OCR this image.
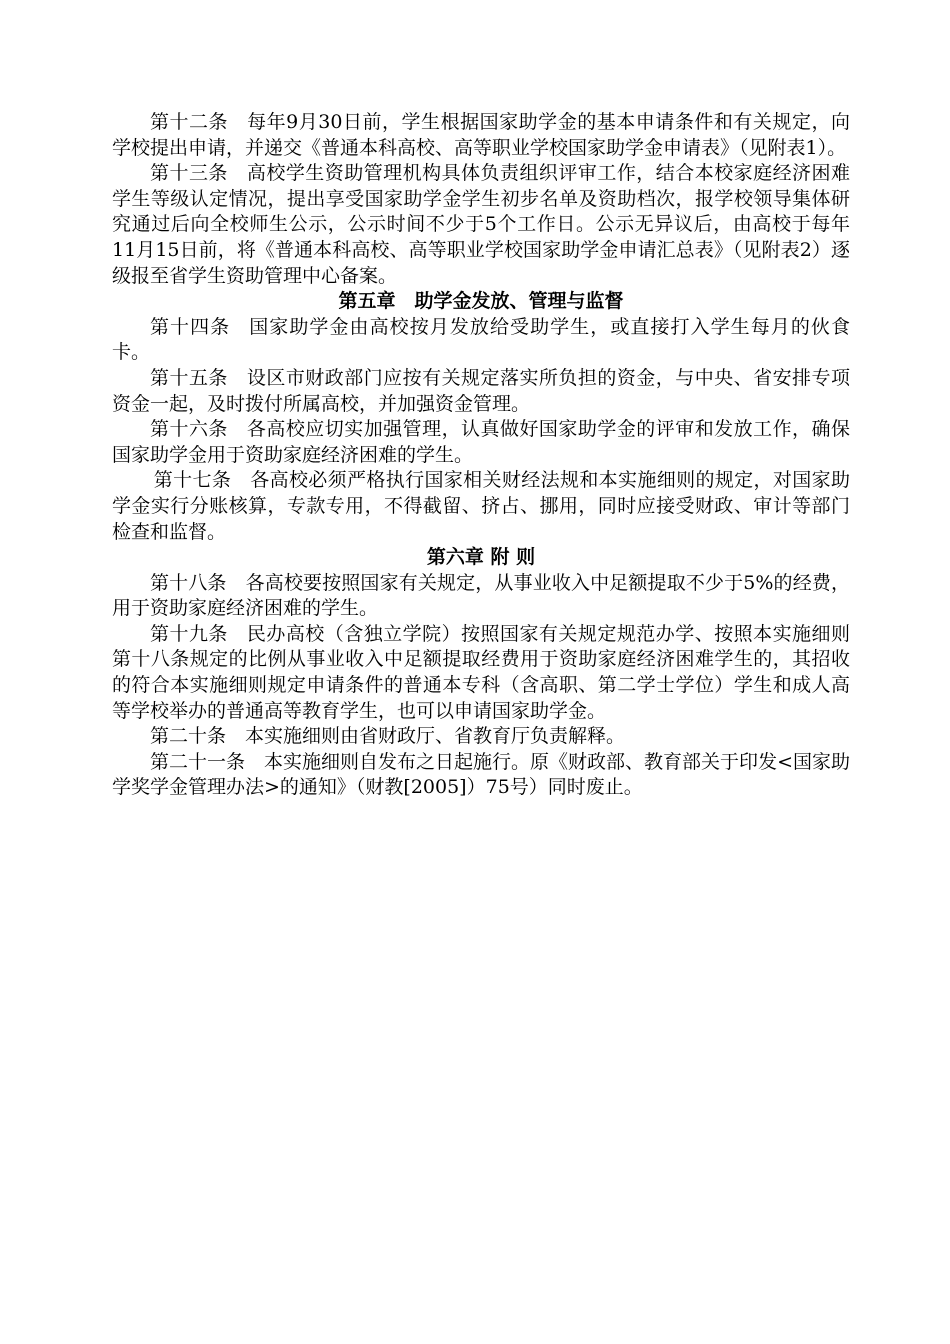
第十二条 每年9月30日前，学生根据国家助学金的基本申请条件和有关规定，向学校提出申请，并递交《普通本科高校、高等职业学校国家助学金申请表》（见附表1）。

第十三条 高校学生资助管理机构具体负责组织评审工作，结合本校家庭经济困难学生等级认定情况，提出享受国家助学金学生初步名单及资助档次，报学校领导集体研究通过后向全校师生公示，公示时间不少于5个工作日。公示无异议后，由高校于每年11月15日前，将《普通本科高校、高等职业学校国家助学金申请汇总表》（见附表2）逐级报至省学生资助管理中心备案。

第五章　助学金发放、管理与监督

第十四条 国家助学金由高校按月发放给受助学生，或直接打入学生每月的伙食卡。

第十五条 设区市财政部门应按有关规定落实所负担的资金，与中央、省安排专项资金一起，及时拨付所属高校，并加强资金管理。

第十六条 各高校应切实加强管理，认真做好国家助学金的评审和发放工作，确保国家助学金用于资助家庭经济困难的学生。

第十七条 各高校必须严格执行国家相关财经法规和本实施细则的规定，对国家助学金实行分账核算，专款专用，不得截留、挤占、挪用，同时应接受财政、审计等部门检查和监督。

第六章 附 则

第十八条 各高校要按照国家有关规定，从事业收入中足额提取不少于5%的经费，用于资助家庭经济困难的学生。

第十九条 民办高校（含独立学院）按照国家有关规定规范办学、按照本实施细则第十八条规定的比例从事业收入中足额提取经费用于资助家庭经济困难学生的，其招收的符合本实施细则规定申请条件的普通本专科（含高职、第二学士学位）学生和成人高等学校举办的普通高等教育学生，也可以申请国家助学金。

第二十条 本实施细则由省财政厅、省教育厅负责解释。

第二十一条 本实施细则自发布之日起施行。原《财政部、教育部关于印发<国家助学奖学金管理办法>的通知》（财教[2005]）75号）同时废止。
